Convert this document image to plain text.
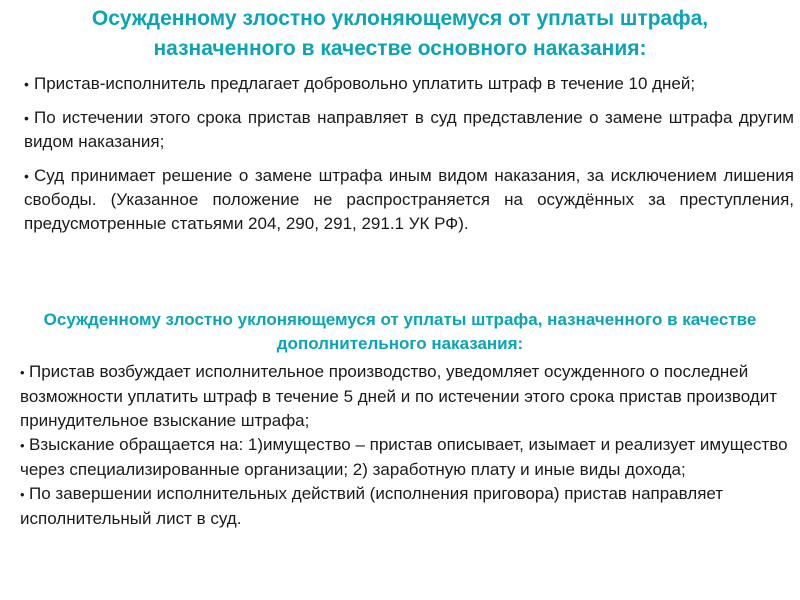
Осужденному злостно уклоняющемуся от уплаты штрафа, назначенного в качестве основного наказания:
• Пристав-исполнитель предлагает добровольно уплатить штраф в течение 10 дней;
• По истечении этого срока пристав направляет в суд представление о замене штрафа другим видом наказания;
• Суд принимает решение о замене штрафа иным видом наказания, за исключением лишения свободы. (Указанное положение не распространяется на осуждённых за преступления, предусмотренные статьями 204, 290, 291, 291.1 УК РФ).
Осужденному злостно уклоняющемуся от уплаты штрафа, назначенного в качестве дополнительного наказания:
• Пристав возбуждает исполнительное производство, уведомляет осужденного о последней возможности уплатить штраф в течение 5 дней и по истечении этого срока пристав производит принудительное взыскание штрафа;
• Взыскание обращается на: 1)имущество – пристав описывает, изымает и реализует имущество через специализированные организации; 2) заработную плату и иные виды дохода;
• По завершении исполнительных действий (исполнения приговора) пристав направляет исполнительный лист в суд.
